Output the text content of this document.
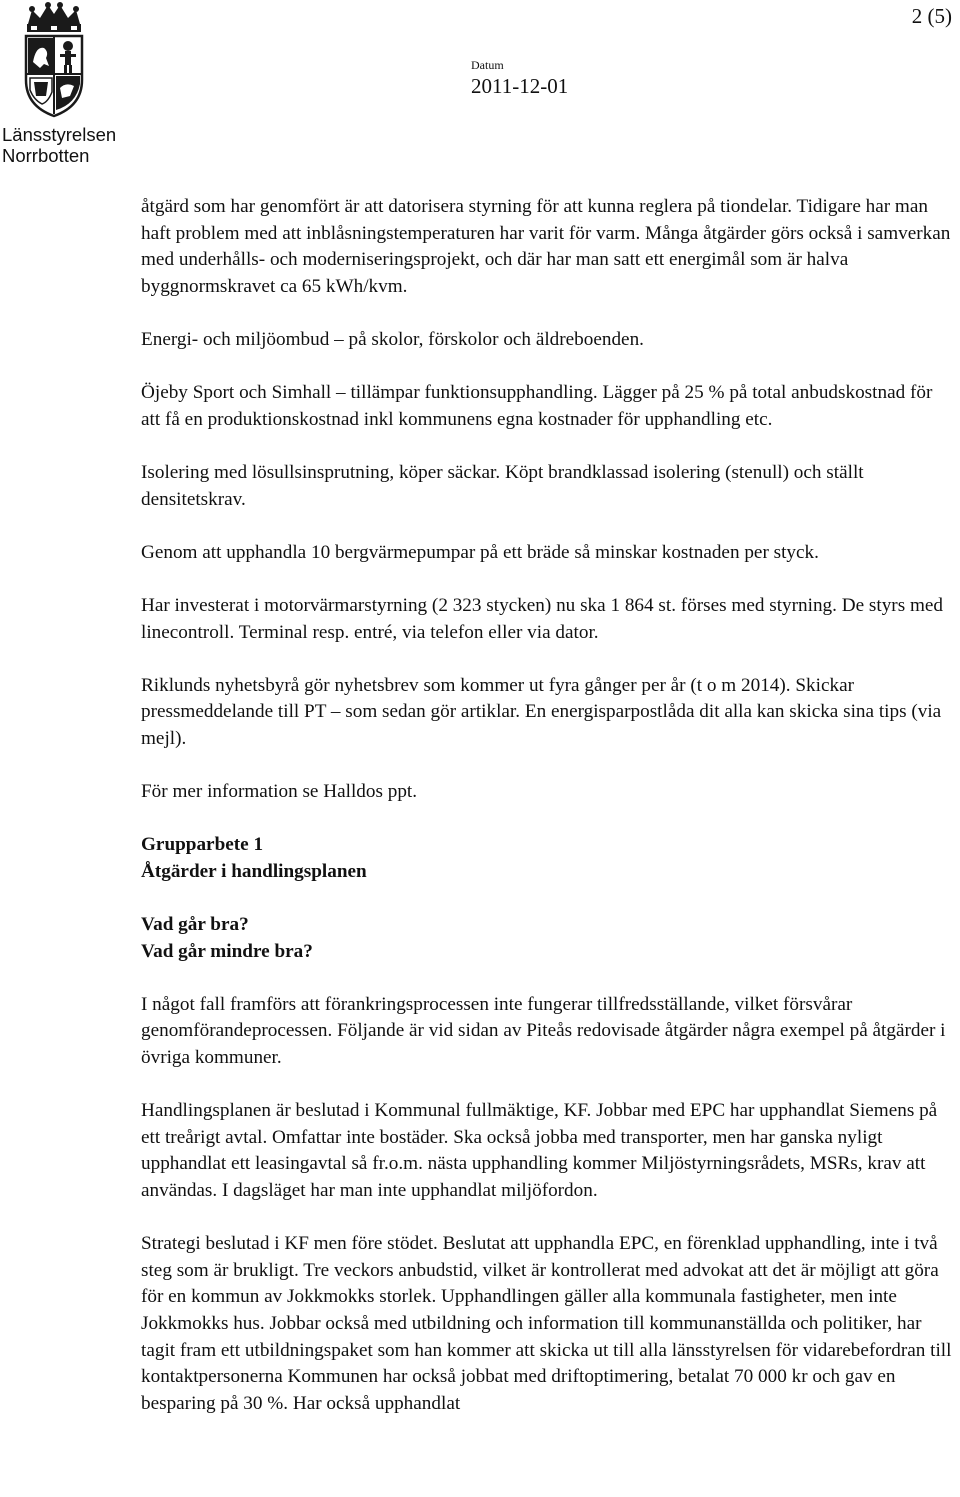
Länsstyrelsen
Norrbotten
2 (5)
Datum
2011-12-01

åtgärd som har genomfört är att datorisera styrning för att kunna reglera på tiondelar. Tidigare har man haft problem med att inblåsningstemperaturen har varit för varm. Många åtgärder görs också i samverkan med underhålls- och moderniseringsprojekt, och där har man satt ett energimål som är halva byggnormskravet ca 65 kWh/kvm.

Energi- och miljöombud – på skolor, förskolor och äldreboenden.

Öjeby Sport och Simhall – tillämpar funktionsupphandling. Lägger på 25 % på total anbudskostnad för att få en produktionskostnad inkl kommunens egna kostnader för upphandling etc.

Isolering med lösullsinsprutning, köper säckar. Köpt brandklassad isolering (stenull) och ställt densitetskrav.

Genom att upphandla 10 bergvärmepumpar på ett bräde så minskar kostnaden per styck.

Har investerat i motorvärmarstyrning (2 323 stycken) nu ska 1 864 st. förses med styrning. De styrs med linecontroll. Terminal resp. entré, via telefon eller via dator.

Riklunds nyhetsbyrå gör nyhetsbrev som kommer ut fyra gånger per år (t o m 2014). Skickar pressmeddelande till PT – som sedan gör artiklar. En energisparpostlåda dit alla kan skicka sina tips (via mejl).

För mer information se Halldos ppt.

Grupparbete 1
Åtgärder i handlingsplanen

Vad går bra?
Vad går mindre bra?

I något fall framförs att förankringsprocessen inte fungerar tillfredsställande, vilket försvårar genomförandeprocessen. Följande är vid sidan av Piteås redovisade åtgärder några exempel på åtgärder i övriga kommuner.

Handlingsplanen är beslutad i Kommunal fullmäktige, KF. Jobbar med EPC har upphandlat Siemens på ett treårigt avtal. Omfattar inte bostäder. Ska också jobba med transporter, men har ganska nyligt upphandlat ett leasingavtal så fr.o.m. nästa upphandling kommer Miljöstyrningsrådets, MSRs, krav att användas. I dagsläget har man inte upphandlat miljöfordon.

Strategi beslutad i KF men före stödet. Beslutat att upphandla EPC, en förenklad upphandling, inte i två steg som är brukligt. Tre veckors anbudstid, vilket är kontrollerat med advokat att det är möjligt att göra för en kommun av Jokkmokks storlek. Upphandlingen gäller alla kommunala fastigheter, men inte Jokkmokks hus. Jobbar också med utbildning och information till kommunanställda och politiker, har tagit fram ett utbildningspaket som han kommer att skicka ut till alla länsstyrelsen för vidarebefordran till kontaktpersonerna Kommunen har också jobbat med driftoptimering, betalat 70 000 kr och gav en besparing på 30 %. Har också upphandlat
